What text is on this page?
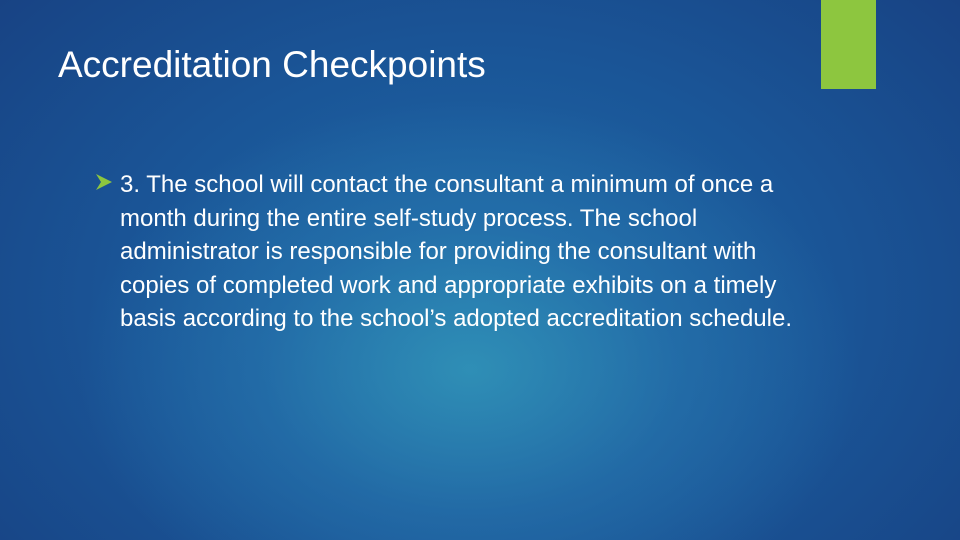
Accreditation Checkpoints

3. The school will contact the consultant a minimum of once a month during the entire self-study process. The school administrator is responsible for providing the consultant with copies of completed work and appropriate exhibits on a timely basis according to the school’s adopted accreditation schedule.
